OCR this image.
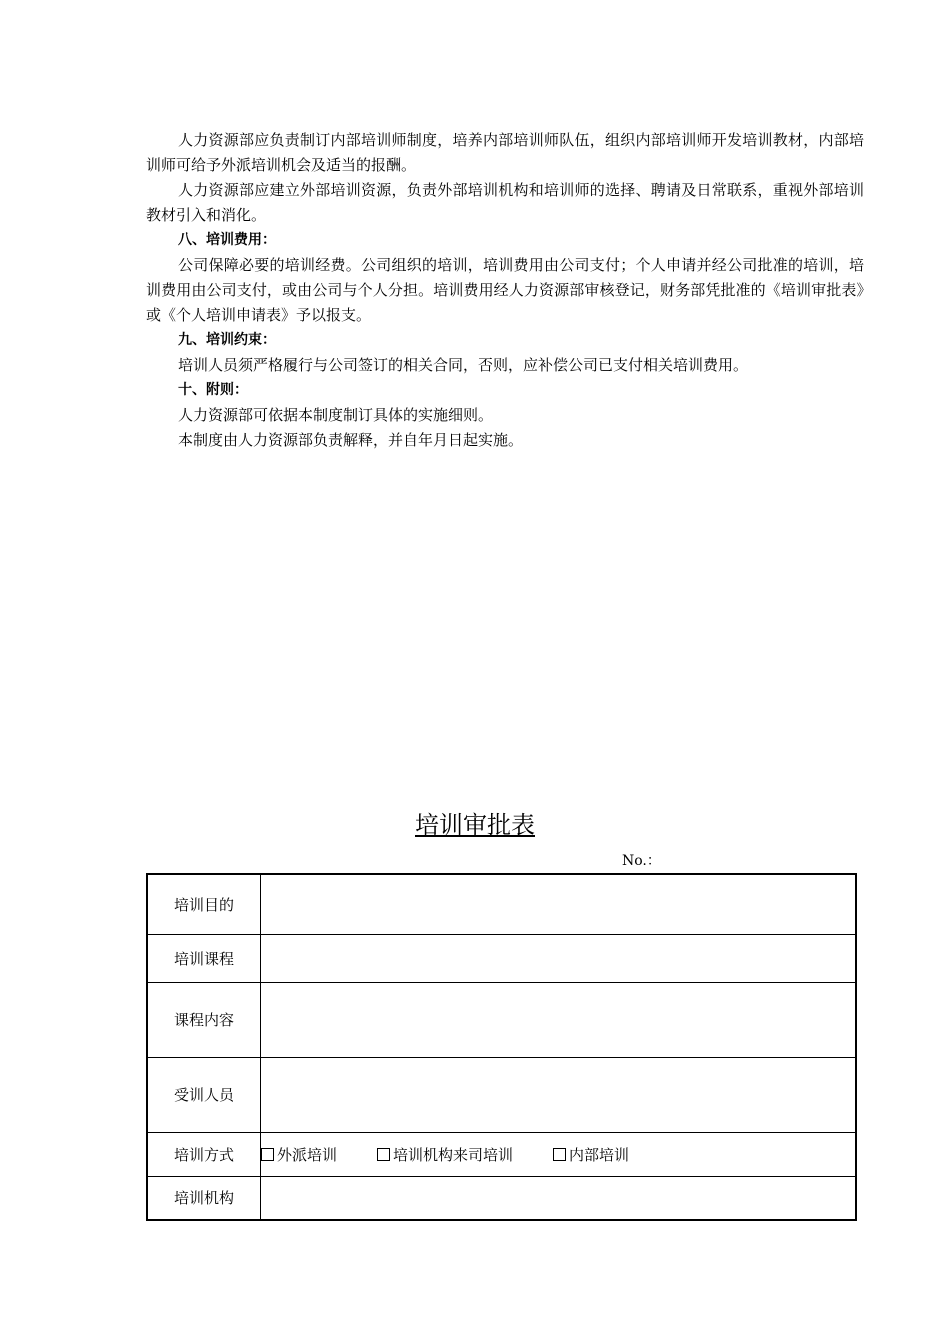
人力资源部应负责制订内部培训师制度，培养内部培训师队伍，组织内部培训师开发培训教材，内部培训师可给予外派培训机会及适当的报酬。

人力资源部应建立外部培训资源，负责外部培训机构和培训师的选择、聘请及日常联系，重视外部培训教材引入和消化。

八、培训费用：

公司保障必要的培训经费。公司组织的培训，培训费用由公司支付；个人申请并经公司批准的培训，培训费用由公司支付，或由公司与个人分担。培训费用经人力资源部审核登记，财务部凭批准的《培训审批表》或《个人培训申请表》予以报支。

九、培训约束：

培训人员须严格履行与公司签订的相关合同，否则，应补偿公司已支付相关培训费用。

十、附则：

人力资源部可依据本制度制订具体的实施细则。

本制度由人力资源部负责解释，并自年月日起实施。

培训审批表
No.：
培训目的	
培训课程	
课程内容	
受训人员	
培训方式	外派培训 培训机构来司培训 内部培训
培训机构	
